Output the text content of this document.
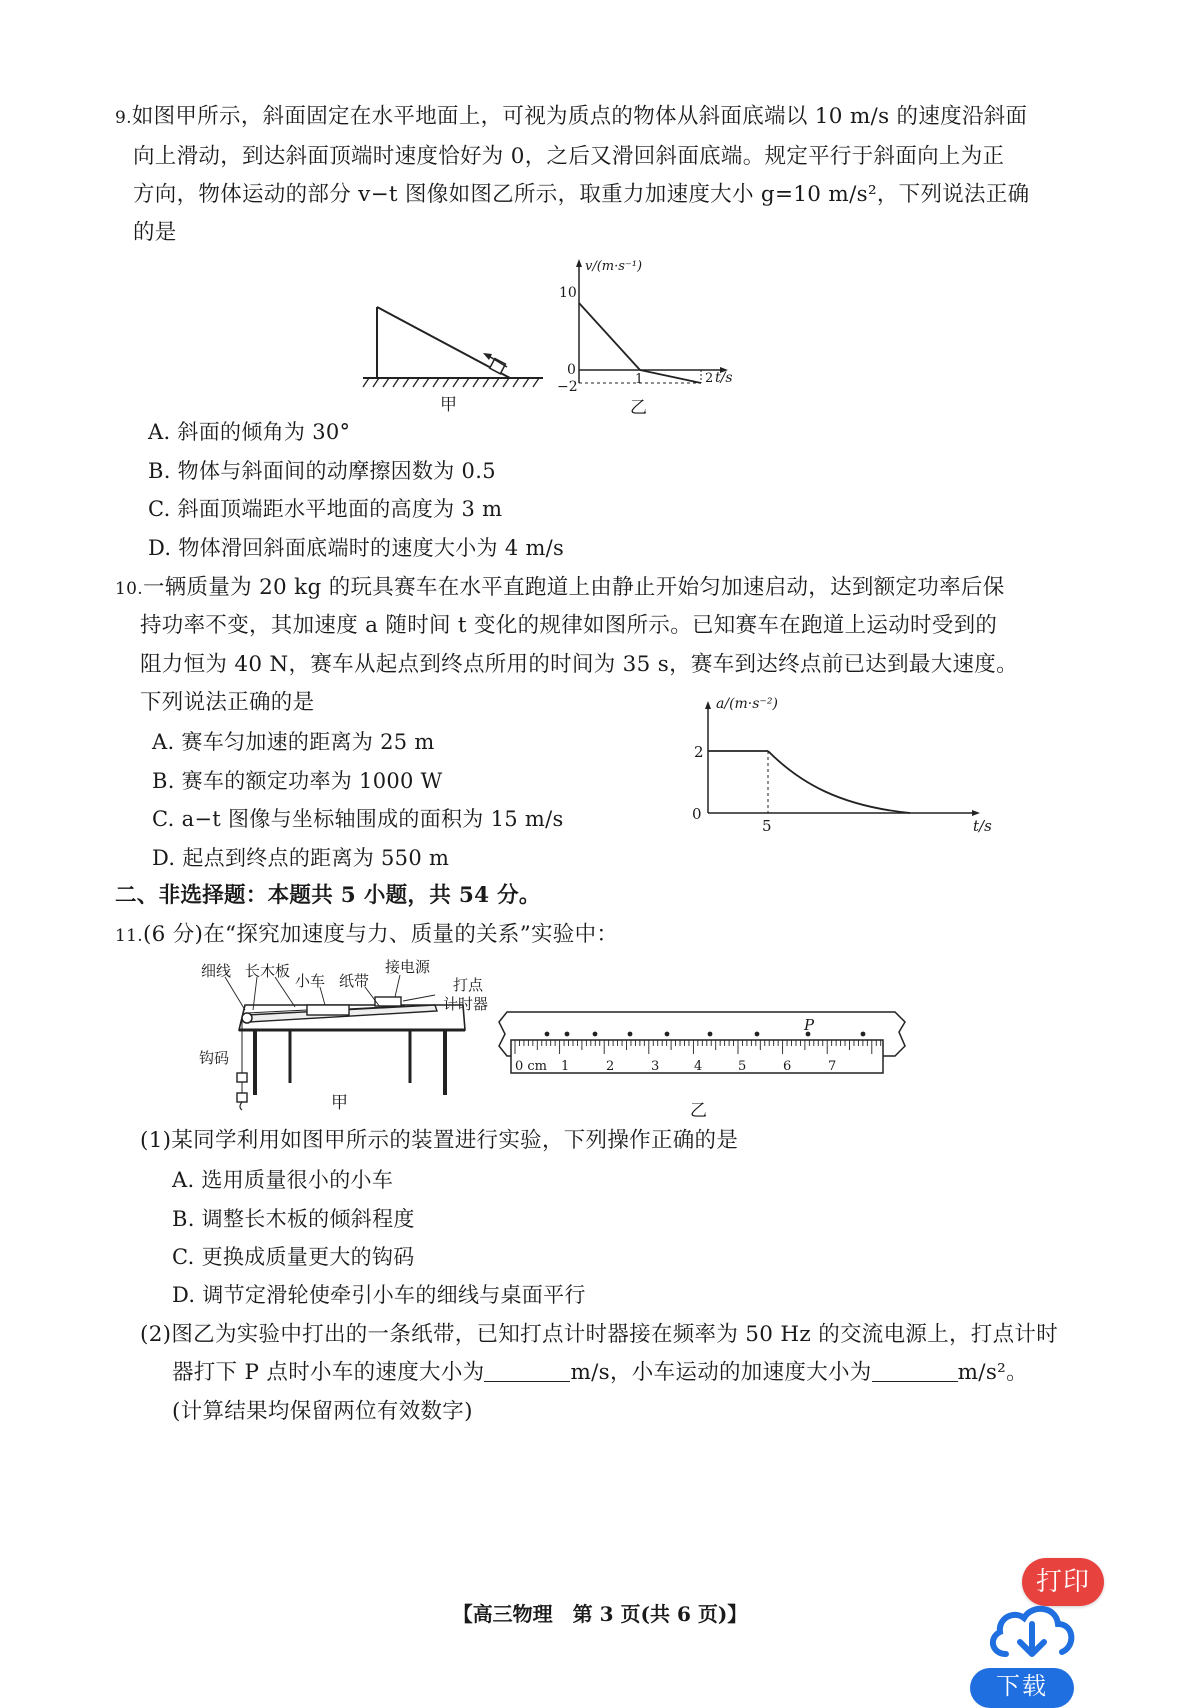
9.如图甲所示，斜面固定在水平地面上，可视为质点的物体从斜面底端以 10 m/s 的速度沿斜面
向上滑动，到达斜面顶端时速度恰好为 0，之后又滑回斜面底端。规定平行于斜面向上为正
方向，物体运动的部分 v−t 图像如图乙所示，取重力加速度大小 g=10 m/s²，下列说法正确
的是
甲
v/(m·s⁻¹)
10
0
−2	1	2 t/s
乙
A. 斜面的倾角为 30°
B. 物体与斜面间的动摩擦因数为 0.5
C. 斜面顶端距水平地面的高度为 3 m
D. 物体滑回斜面底端时的速度大小为 4 m/s
10.一辆质量为 20 kg 的玩具赛车在水平直跑道上由静止开始匀加速启动，达到额定功率后保
持功率不变，其加速度 a 随时间 t 变化的规律如图所示。已知赛车在跑道上运动时受到的
阻力恒为 40 N，赛车从起点到终点所用的时间为 35 s，赛车到达终点前已达到最大速度。
下列说法正确的是
A. 赛车匀加速的距离为 25 m
B. 赛车的额定功率为 1000 W
C. a−t 图像与坐标轴围成的面积为 15 m/s
D. 起点到终点的距离为 550 m
a/(m·s⁻²)
2
0
5	t/s
二、非选择题：本题共 5 小题，共 54 分。
11.(6 分)在“探究加速度与力、质量的关系”实验中：
细线 长木板
小车 纸带
接电源
打点
计时器
钩码
甲
P
0 cm 1	2	3	4	5	6	7
乙
(1)某同学利用如图甲所示的装置进行实验，下列操作正确的是
A. 选用质量很小的小车
B. 调整长木板的倾斜程度
C. 更换成质量更大的钩码
D. 调节定滑轮使牵引小车的细线与桌面平行
(2)图乙为实验中打出的一条纸带，已知打点计时器接在频率为 50 Hz 的交流电源上，打点计时
器打下 P 点时小车的速度大小为	m/s，小车运动的加速度大小为	m/s²。
(计算结果均保留两位有效数字)
【高三物理　第 3 页(共 6 页)】
打印
下载
